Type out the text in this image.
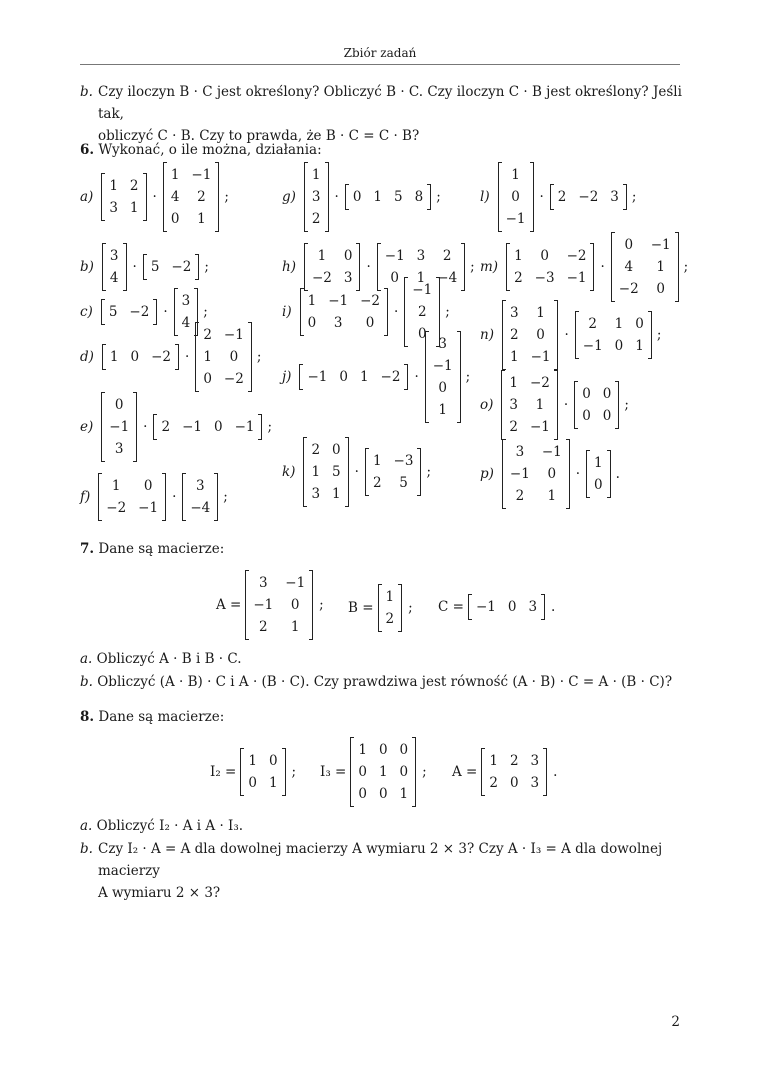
Zbiór zadań
b. Czy iloczyn B · C jest określony? Obliczyć B · C. Czy iloczyn C · B jest określony? Jeśli tak,
obliczyć C · B. Czy to prawda, że B · C = C · B?
6. Wykonać, o ile można, działania:
a)
1 2
3 1
·
1 −1
4	2
0	1
;
b)
3
4
· 5 −2 ;
c) 5 −2 ·
3
4
;
d) 1 0 −2 ·
2 −1
1	0
0 −2
;
e)
0
−1
3
· 2 −1 0 −1 ;
f)
1	0
−2 −1
·
3
−4
;
g)
1
3
2
· 0 1 5 8 ;
h)
1	0
−2 3
·
−1 3	2
0	1 −4
;
i)
1 −1 −2
0	3	0
·
−1
2
0
;
j) −1 0 1 −2 ·
3
−1
0
1
;
k)
2 0
1 5
3 1
·
1 −3
2	5
;
l)
1
0
−1
· 2 −2 3 ;
m)
1	0	−2
2 −3 −1
·
0	−1
4	1
−2	0
;
n)
3	1
2	0
1 −1
·
2	1 0
−1 0 1
;
o)
1 −2
3	1
2 −1
·
0 0
0 0
;
p)
3	−1
−1	0
2	1
·
1
0
.
7. Dane są macierze:
A =
3	−1
−1	0
2	1
; B =
1
2
; C = −1 0 3 .
a. Obliczyć A · B i B · C.
b. Obliczyć (A · B) · C i A · (B · C). Czy prawdziwa jest równość (A · B) · C = A · (B · C)?
8. Dane są macierze:
I₂ =
1 0
0 1
; I₃ =
1 0 0
0 1 0
0 0 1
; A =
1 2 3
2 0 3
.
a. Obliczyć I₂ · A i A · I₃.
b. Czy I₂ · A = A dla dowolnej macierzy A wymiaru 2 × 3? Czy A · I₃ = A dla dowolnej macierzy
A wymiaru 2 × 3?
2
